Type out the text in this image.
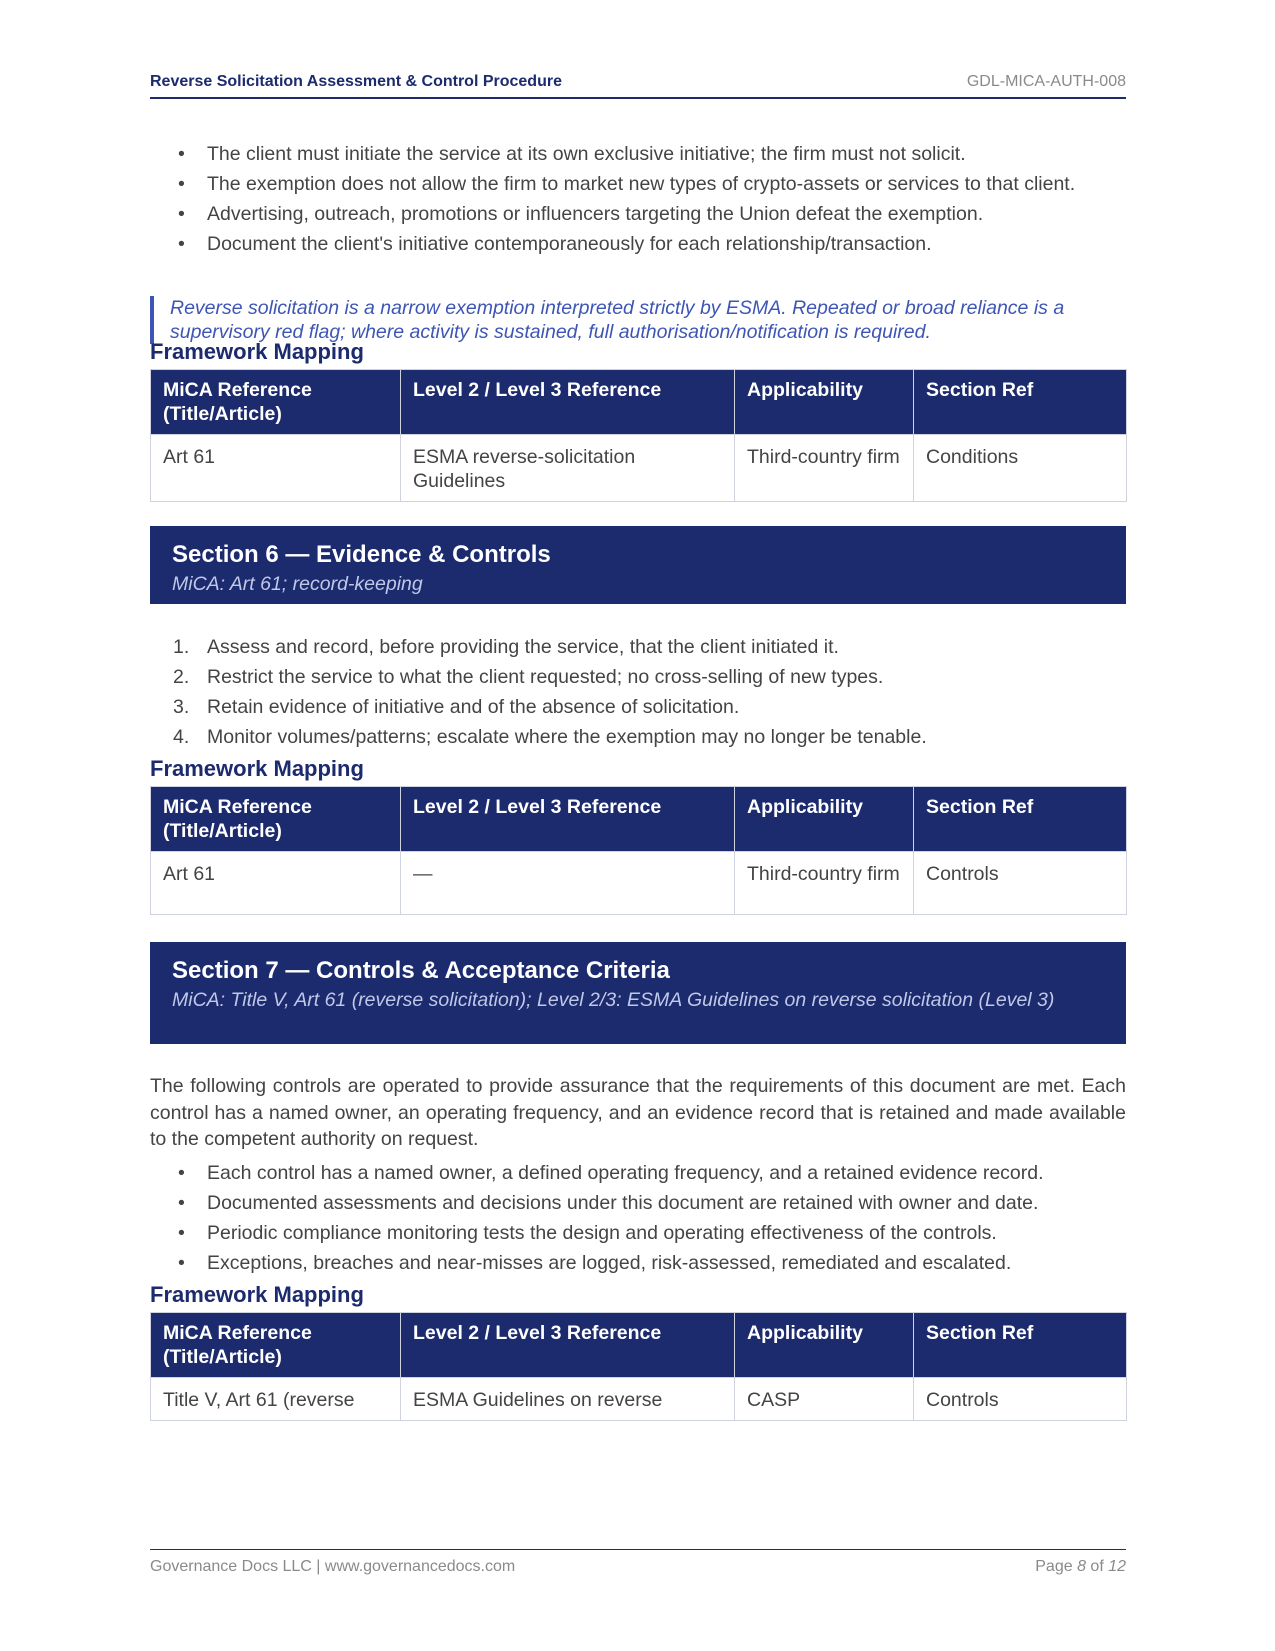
Reverse Solicitation Assessment & Control Procedure	GDL-MICA-AUTH-008
• The client must initiate the service at its own exclusive initiative; the firm must not solicit.
• The exemption does not allow the firm to market new types of crypto-assets or services to that client.
• Advertising, outreach, promotions or influencers targeting the Union defeat the exemption.
• Document the client's initiative contemporaneously for each relationship/transaction.
Reverse solicitation is a narrow exemption interpreted strictly by ESMA. Repeated or broad reliance is a supervisory red flag; where activity is sustained, full authorisation/notification is required.
Framework Mapping
MiCA Reference (Title/Article)	Level 2 / Level 3 Reference	Applicability	Section Ref
Art 61	ESMA reverse-solicitation Guidelines	Third-country firm	Conditions
Section 6 — Evidence & Controls
MiCA: Art 61; record-keeping
1. Assess and record, before providing the service, that the client initiated it.
2. Restrict the service to what the client requested; no cross-selling of new types.
3. Retain evidence of initiative and of the absence of solicitation.
4. Monitor volumes/patterns; escalate where the exemption may no longer be tenable.
Framework Mapping
MiCA Reference (Title/Article)	Level 2 / Level 3 Reference	Applicability	Section Ref
Art 61	—	Third-country firm	Controls
Section 7 — Controls & Acceptance Criteria
MiCA: Title V, Art 61 (reverse solicitation); Level 2/3: ESMA Guidelines on reverse solicitation (Level 3)
The following controls are operated to provide assurance that the requirements of this document are met. Each control has a named owner, an operating frequency, and an evidence record that is retained and made available to the competent authority on request.
• Each control has a named owner, a defined operating frequency, and a retained evidence record.
• Documented assessments and decisions under this document are retained with owner and date.
• Periodic compliance monitoring tests the design and operating effectiveness of the controls.
• Exceptions, breaches and near-misses are logged, risk-assessed, remediated and escalated.
Framework Mapping
MiCA Reference (Title/Article)	Level 2 / Level 3 Reference	Applicability	Section Ref
Title V, Art 61 (reverse	ESMA Guidelines on reverse	CASP	Controls
Governance Docs LLC | www.governancedocs.com	Page 8 of 12
